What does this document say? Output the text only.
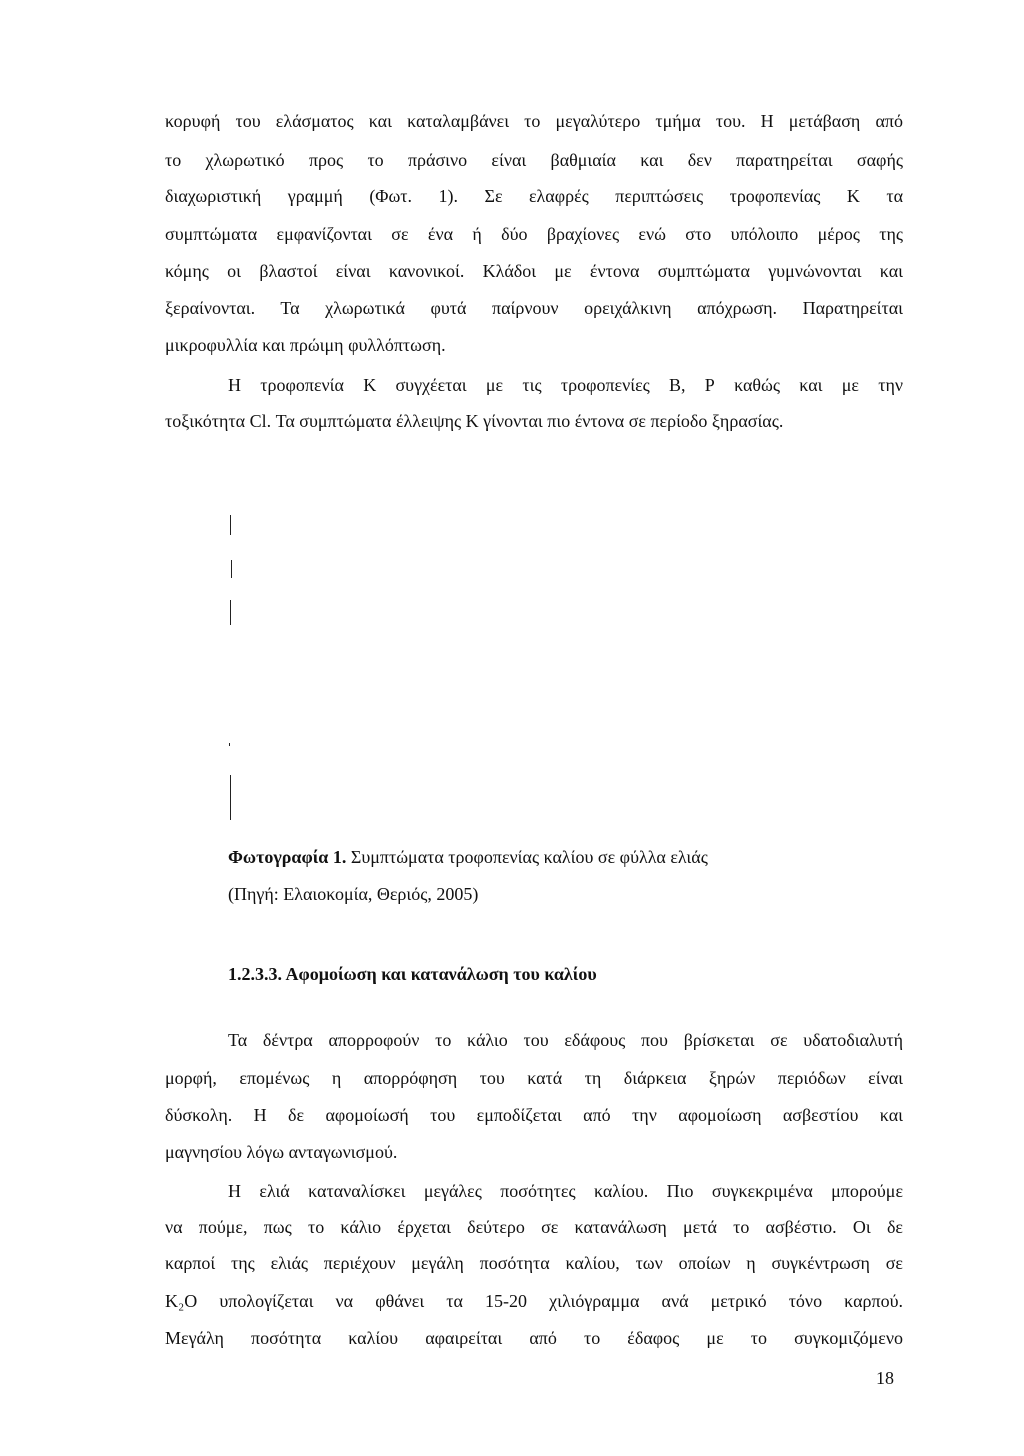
κορυφή του ελάσματος και καταλαμβάνει το μεγαλύτερο τμήμα του. Η μετάβαση από
το χλωρωτικό προς το πράσινο είναι βαθμιαία και δεν παρατηρείται σαφής
διαχωριστική γραμμή (Φωτ. 1). Σε ελαφρές περιπτώσεις τροφοπενίας Κ τα
συμπτώματα εμφανίζονται σε ένα ή δύο βραχίονες ενώ στο υπόλοιπο μέρος της
κόμης οι βλαστοί είναι κανονικοί. Κλάδοι με έντονα συμπτώματα γυμνώνονται και
ξεραίνονται. Τα χλωρωτικά φυτά παίρνουν ορειχάλκινη απόχρωση. Παρατηρείται
μικροφυλλία και πρώιμη φυλλόπτωση.
Η τροφοπενία Κ συγχέεται με τις τροφοπενίες Β, Ρ καθώς και με την
τοξικότητα Cl. Τα συμπτώματα έλλειψης Κ γίνονται πιο έντονα σε περίοδο ξηρασίας.
Φωτογραφία 1. Συμπτώματα τροφοπενίας καλίου σε φύλλα ελιάς
(Πηγή: Ελαιοκομία, Θεριός, 2005)
1.2.3.3. Αφομοίωση και κατανάλωση του καλίου
Τα δέντρα απορροφούν το κάλιο του εδάφους που βρίσκεται σε υδατοδιαλυτή
μορφή, επομένως η απορρόφηση του κατά τη διάρκεια ξηρών περιόδων είναι
δύσκολη. Η δε αφομοίωσή του εμποδίζεται από την αφομοίωση ασβεστίου και
μαγνησίου λόγω ανταγωνισμού.
Η ελιά καταναλίσκει μεγάλες ποσότητες καλίου. Πιο συγκεκριμένα μπορούμε
να πούμε, πως το κάλιο έρχεται δεύτερο σε κατανάλωση μετά το ασβέστιο. Οι δε
καρποί της ελιάς περιέχουν μεγάλη ποσότητα καλίου, των οποίων η συγκέντρωση σε
K₂O υπολογίζεται να φθάνει τα 15-20 χιλιόγραμμα ανά μετρικό τόνο καρπού.
Μεγάλη ποσότητα καλίου αφαιρείται από το έδαφος με το συγκομιζόμενο
18
